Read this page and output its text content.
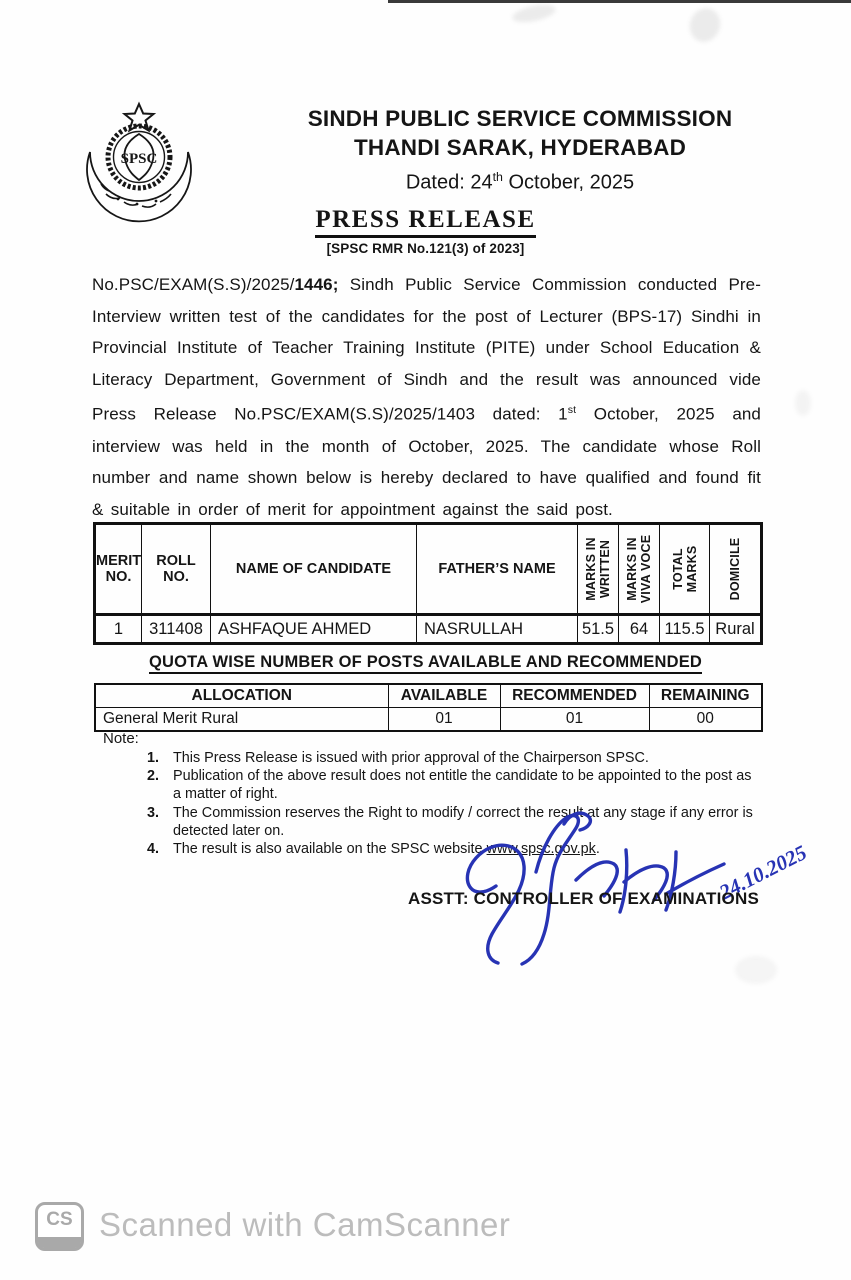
SPSC
SINDH PUBLIC SERVICE COMMISSION
THANDI SARAK, HYDERABAD
Dated: 24th October, 2025
PRESS RELEASE
[SPSC RMR No.121(3) of 2023]
No.PSC/EXAM(S.S)/2025/1446; Sindh Public Service Commission conducted Pre-Interview written test of the candidates for the post of Lecturer (BPS-17) Sindhi in Provincial Institute of Teacher Training Institute (PITE) under School Education & Literacy Department, Government of Sindh and the result was announced vide Press Release No.PSC/EXAM(S.S)/2025/1403 dated: 1st October, 2025 and interview was held in the month of October, 2025. The candidate whose Roll number and name shown below is hereby declared to have qualified and found fit & suitable in order of merit for appointment against the said post.
MERIT NO.	ROLL NO.	NAME OF CANDIDATE	FATHER’S NAME	MARKS IN WRITTEN	MARKS IN VIVA VOCE	TOTAL MARKS	DOMICILE

1	311408	ASHFAQUE AHMED	NASRULLAH	51.5	64	115.5	Rural
QUOTA WISE NUMBER OF POSTS AVAILABLE AND RECOMMENDED
ALLOCATION	AVAILABLE	RECOMMENDED	REMAINING
General Merit Rural	01	01	00
Note:
This Press Release is issued with prior approval of the Chairperson SPSC.
Publication of the above result does not entitle the candidate to be appointed to the post as a matter of right.
The Commission reserves the Right to modify / correct the result at any stage if any error is detected later on.
The result is also available on the SPSC website www.spsc.gov.pk.	24.10.2025
ASSTT: CONTROLLER OF EXAMINATIONS
CS Scanned with CamScanner
